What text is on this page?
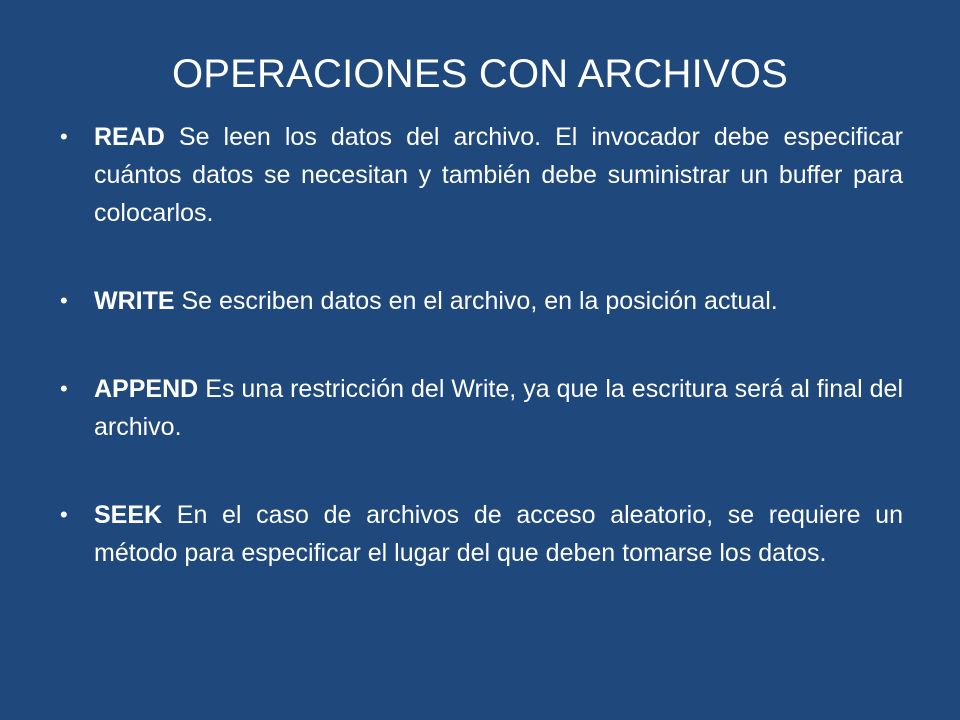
OPERACIONES CON ARCHIVOS
•	READ Se leen los datos del archivo. El invocador debe especificar cuántos datos se necesitan y también debe suministrar un buffer para colocarlos.
•	WRITE Se escriben datos en el archivo, en la posición actual.
•	APPEND Es una restricción del Write, ya que la escritura será al final del archivo.
•	SEEK En el caso de archivos de acceso aleatorio, se requiere un método para especificar el lugar del que deben tomarse los datos.
